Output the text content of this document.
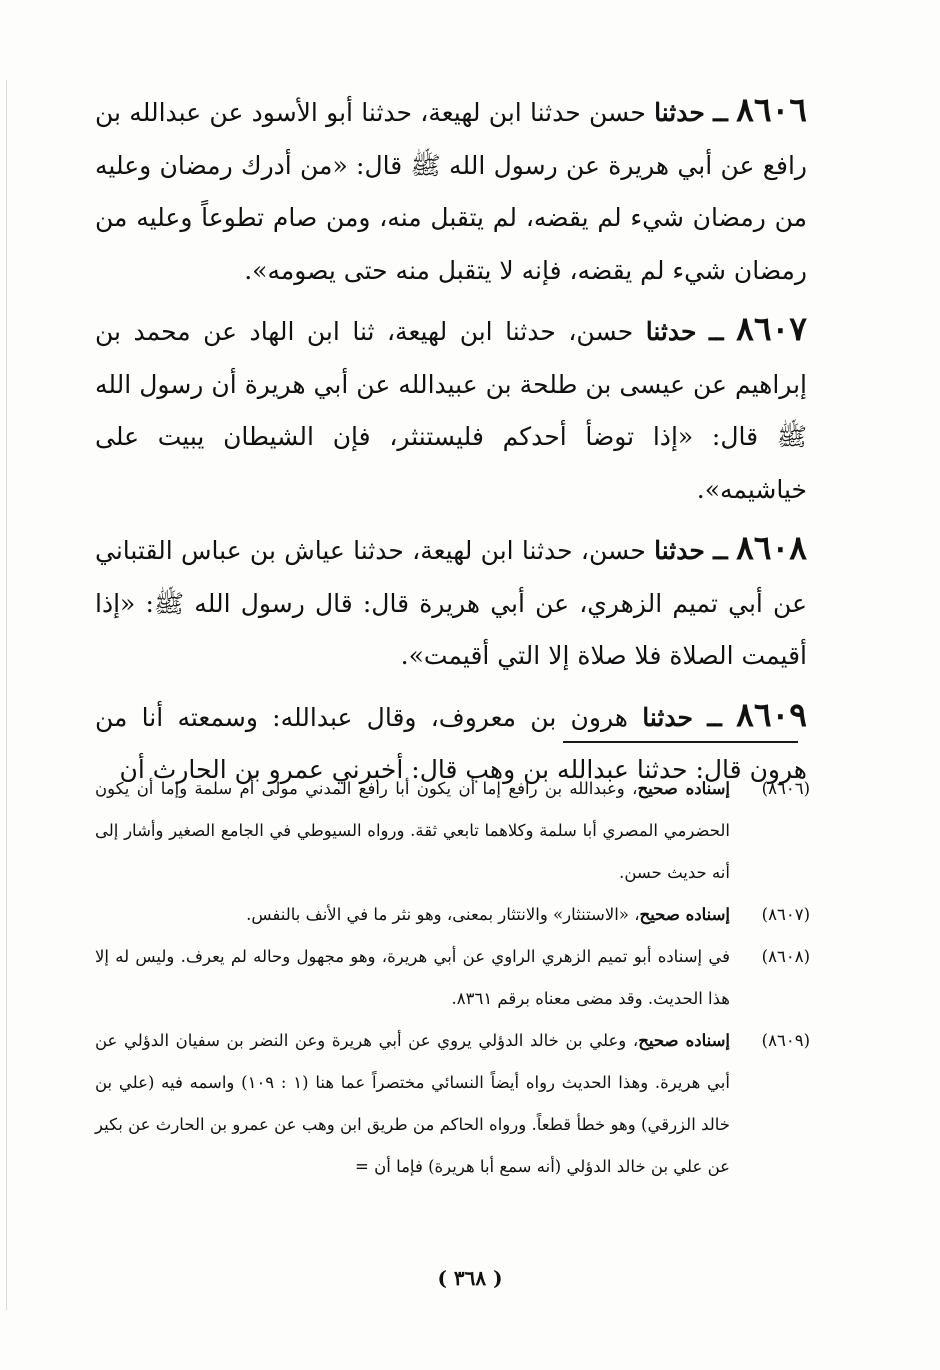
٨٦٠٦ ــ حدثنا حسن حدثنا ابن لهيعة، حدثنا أبو الأسود عن عبدالله بن رافع عن أبي هريرة عن رسول الله ﷺ قال: «من أدرك رمضان وعليه من رمضان شيء لم يقضه، لم يتقبل منه، ومن صام تطوعاً وعليه من رمضان شيء لم يقضه، فإنه لا يتقبل منه حتى يصومه».

٨٦٠٧ ــ حدثنا حسن، حدثنا ابن لهيعة، ثنا ابن الهاد عن محمد بن إبراهيم عن عيسى بن طلحة بن عبيدالله عن أبي هريرة أن رسول الله ﷺ قال: «إذا توضأ أحدكم فليستنثر، فإن الشيطان يبيت على خياشيمه».

٨٦٠٨ ــ حدثنا حسن، حدثنا ابن لهيعة، حدثنا عياش بن عباس القتباني عن أبي تميم الزهري، عن أبي هريرة قال: قال رسول الله ﷺ: «إذا أقيمت الصلاة فلا صلاة إلا التي أقيمت».

٨٦٠٩ ــ حدثنا هرون بن معروف، وقال عبدالله: وسمعته أنا من هرون قال: حدثنا عبدالله بن وهب قال: أخبرني عمرو بن الحارث أن

(٨٦٠٦)إسناده صحيح، وعبدالله بن رافع إما أن يكون أبا رافع المدني مولى أم سلمة وإما أن يكون الحضرمي المصري أبا سلمة وكلاهما تابعي ثقة. ورواه السيوطي في الجامع الصغير وأشار إلى أنه حديث حسن.

(٨٦٠٧)إسناده صحيح، «الاستنثار» والانتثار بمعنى، وهو نثر ما في الأنف بالنفس.

(٨٦٠٨)في إسناده أبو تميم الزهري الراوي عن أبي هريرة، وهو مجهول وحاله لم يعرف. وليس له إلا هذا الحديث. وقد مضى معناه برقم ٨٣٦١.

(٨٦٠٩)إسناده صحيح، وعلي بن خالد الدؤلي يروي عن أبي هريرة وعن النضر بن سفيان الدؤلي عن أبي هريرة. وهذا الحديث رواه أيضاً النسائي مختصراً عما هنا (١ : ١٠٩) واسمه فيه (علي بن خالد الزرقي) وهو خطأ قطعاً. ورواه الحاكم من طريق ابن وهب عن عمرو بن الحارث عن بكير عن علي بن خالد الدؤلي (أنه سمع أبا هريرة) فإما أن =

( ٣٦٨ )
